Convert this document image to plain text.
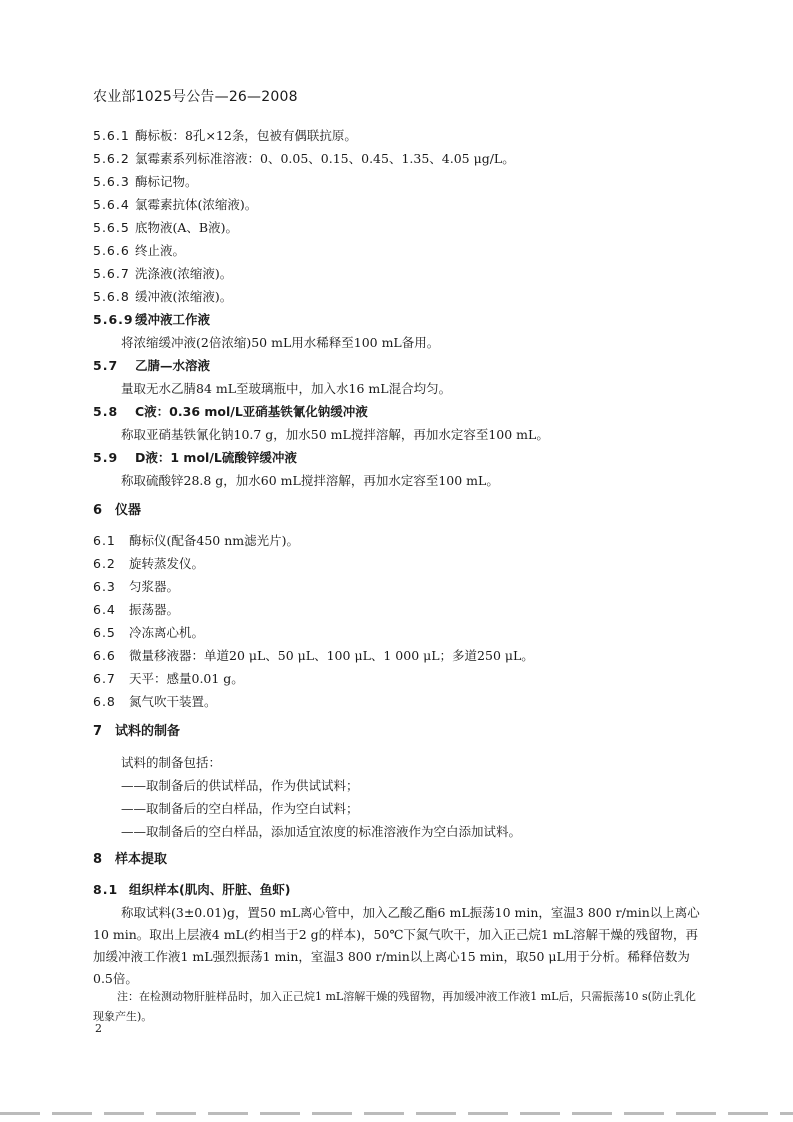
农业部1025号公告—26—2008
5.6.1 酶标板：8孔×12条，包被有偶联抗原。
5.6.2 氯霉素系列标准溶液：0、0.05、0.15、0.45、1.35、4.05 μg/L。
5.6.3 酶标记物。
5.6.4 氯霉素抗体(浓缩液)。
5.6.5 底物液(A、B液)。
5.6.6 终止液。
5.6.7 洗涤液(浓缩液)。
5.6.8 缓冲液(浓缩液)。
5.6.9缓冲液工作液
将浓缩缓冲液(2倍浓缩)50 mL用水稀释至100 mL备用。
5.7 乙腈—水溶液
量取无水乙腈84 mL至玻璃瓶中，加入水16 mL混合均匀。
5.8 C液：0.36 mol/L亚硝基铁氰化钠缓冲液
称取亚硝基铁氰化钠10.7 g，加水50 mL搅拌溶解，再加水定容至100 mL。
5.9 D液：1 mol/L硫酸锌缓冲液
称取硫酸锌28.8 g，加水60 mL搅拌溶解，再加水定容至100 mL。
6 仪器
6.1 酶标仪(配备450 nm滤光片)。
6.2 旋转蒸发仪。
6.3 匀浆器。
6.4 振荡器。
6.5 冷冻离心机。
6.6 微量移液器：单道20 μL、50 μL、100 μL、1 000 μL；多道250 μL。
6.7 天平：感量0.01 g。
6.8 氮气吹干装置。
7 试料的制备
试料的制备包括：
——取制备后的供试样品，作为供试试料；
——取制备后的空白样品，作为空白试料；
——取制备后的空白样品，添加适宜浓度的标准溶液作为空白添加试料。
8 样本提取
8.1 组织样本(肌肉、肝脏、鱼虾)
称取试料(3±0.01)g，置50 mL离心管中，加入乙酸乙酯6 mL振荡10 min，室温3 800 r/min以上离心10 min。取出上层液4 mL(约相当于2 g的样本)，50℃下氮气吹干，加入正己烷1 mL溶解干燥的残留物，再加缓冲液工作液1 mL强烈振荡1 min，室温3 800 r/min以上离心15 min，取50 μL用于分析。稀释倍数为0.5倍。
注：在检测动物肝脏样品时，加入正己烷1 mL溶解干燥的残留物，再加缓冲液工作液1 mL后，只需振荡10 s(防止乳化现象产生)。
2
